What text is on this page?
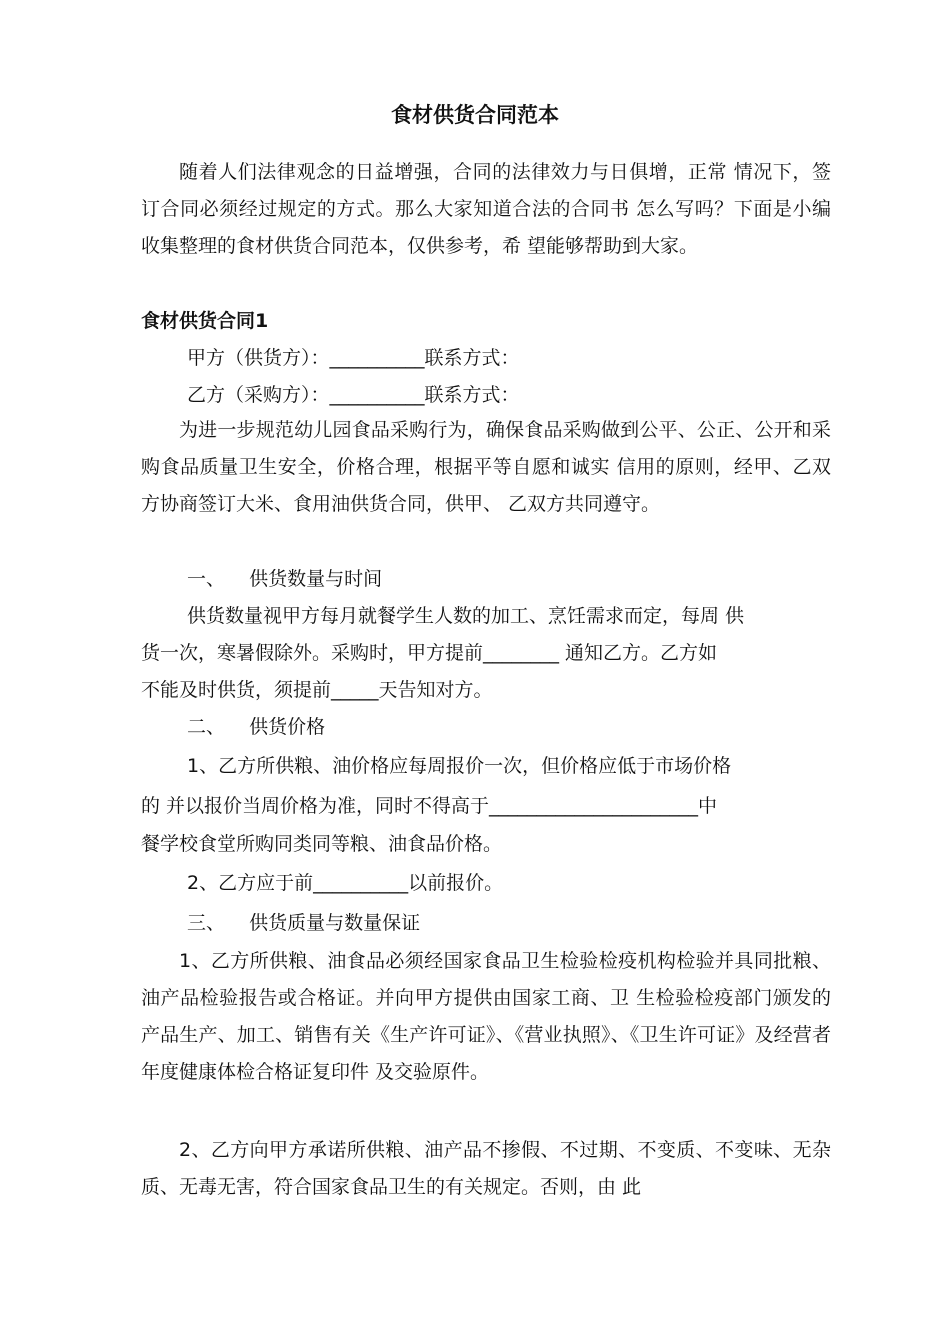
食材供货合同范本
随着人们法律观念的日益增强，合同的法律效力与日俱增，正常 情况下，签订合同必须经过规定的方式。那么大家知道合法的合同书 怎么写吗？下面是小编收集整理的食材供货合同范本，仅供参考，希 望能够帮助到大家。
食材供货合同1
甲方（供货方）：__________联系方式：
乙方（采购方）：__________联系方式：
为进一步规范幼儿园食品采购行为，确保食品采购做到公平、公正、公开和采购食品质量卫生安全，价格合理，根据平等自愿和诚实 信用的原则，经甲、乙双方协商签订大米、食用油供货合同，供甲、 乙双方共同遵守。
一、    供货数量与时间
供货数量视甲方每月就餐学生人数的加工、烹饪需求而定，每周 供
货一次，寒暑假除外。采购时，甲方提前________ 通知乙方。乙方如
不能及时供货，须提前_____天告知对方。
二、    供货价格
1、乙方所供粮、油价格应每周报价一次，但价格应低于市场价格
的 并以报价当周价格为准，同时不得高于______________________中
餐学校食堂所购同类同等粮、油食品价格。
2、乙方应于前__________以前报价。
三、    供货质量与数量保证
1、乙方所供粮、油食品必须经国家食品卫生检验检疫机构检验并具同批粮、油产品检验报告或合格证。并向甲方提供由国家工商、卫 生检验检疫部门颁发的产品生产、加工、销售有关《生产许可证》、《营业执照》、《卫生许可证》及经营者年度健康体检合格证复印件 及交验原件。
2、乙方向甲方承诺所供粮、油产品不掺假、不过期、不变质、不变味、无杂质、无毒无害，符合国家食品卫生的有关规定。否则，由 此
